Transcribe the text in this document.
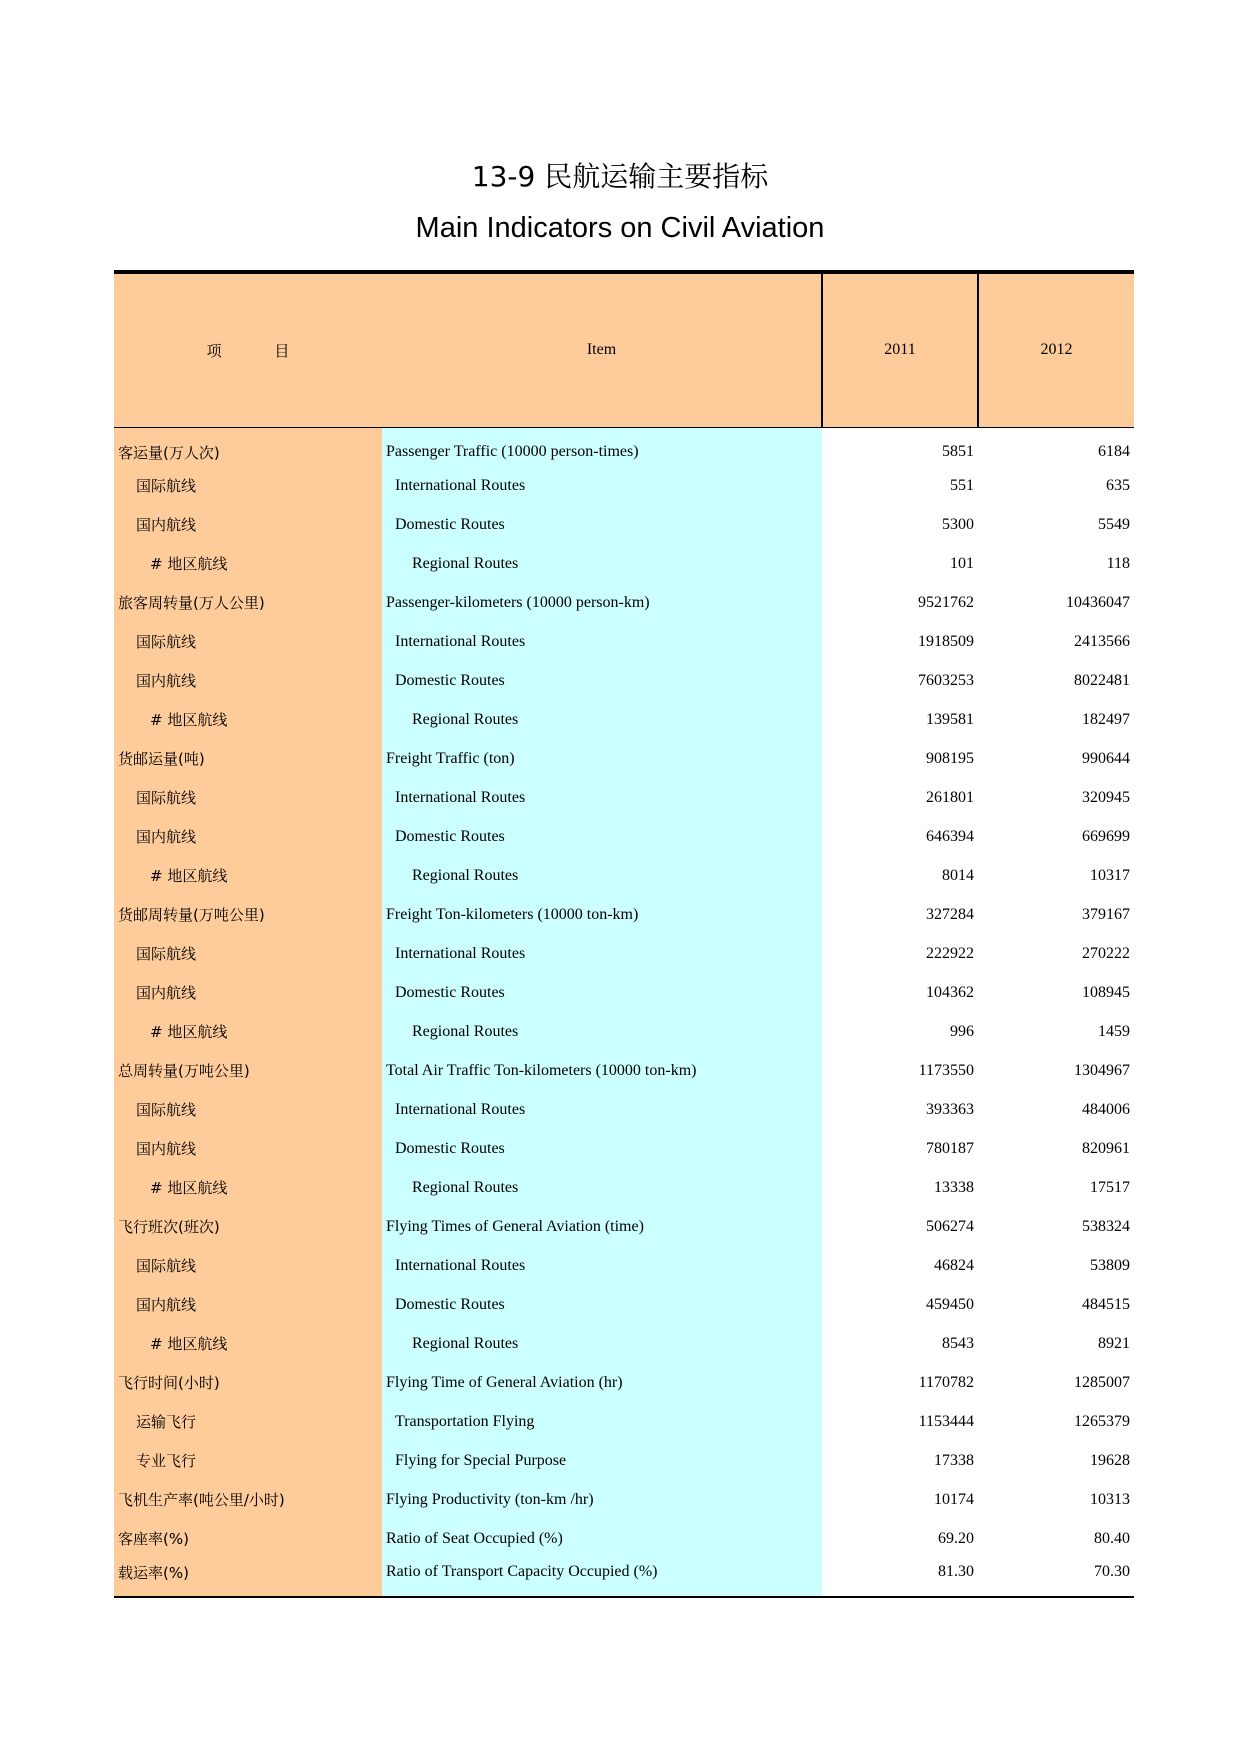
13-9 民航运输主要指标
Main Indicators on Civil Aviation
项 目	Item	2011	2012
客运量(万人次)	Passenger Traffic (10000 person-times)	5851	6184
国际航线	International Routes	551	635
国内航线	Domestic Routes	5300	5549
# 地区航线	Regional Routes	101	118
旅客周转量(万人公里)	Passenger-kilometers (10000 person-km)	9521762	10436047
国际航线	International Routes	1918509	2413566
国内航线	Domestic Routes	7603253	8022481
# 地区航线	Regional Routes	139581	182497
货邮运量(吨)	Freight Traffic (ton)	908195	990644
国际航线	International Routes	261801	320945
国内航线	Domestic Routes	646394	669699
# 地区航线	Regional Routes	8014	10317
货邮周转量(万吨公里)	Freight Ton-kilometers (10000 ton-km)	327284	379167
国际航线	International Routes	222922	270222
国内航线	Domestic Routes	104362	108945
# 地区航线	Regional Routes	996	1459
总周转量(万吨公里)	Total Air Traffic Ton-kilometers (10000 ton-km)	1173550	1304967
国际航线	International Routes	393363	484006
国内航线	Domestic Routes	780187	820961
# 地区航线	Regional Routes	13338	17517
飞行班次(班次)	Flying Times of General Aviation (time)	506274	538324
国际航线	International Routes	46824	53809
国内航线	Domestic Routes	459450	484515
# 地区航线	Regional Routes	8543	8921
飞行时间(小时)	Flying Time of General Aviation (hr)	1170782	1285007
运输飞行	Transportation Flying	1153444	1265379
专业飞行	Flying for Special Purpose	17338	19628
飞机生产率(吨公里/小时)	Flying Productivity (ton-km /hr)	10174	10313
客座率(%)	Ratio of Seat Occupied (%)	69.20	80.40
载运率(%)	Ratio of Transport Capacity Occupied (%)	81.30	70.30
